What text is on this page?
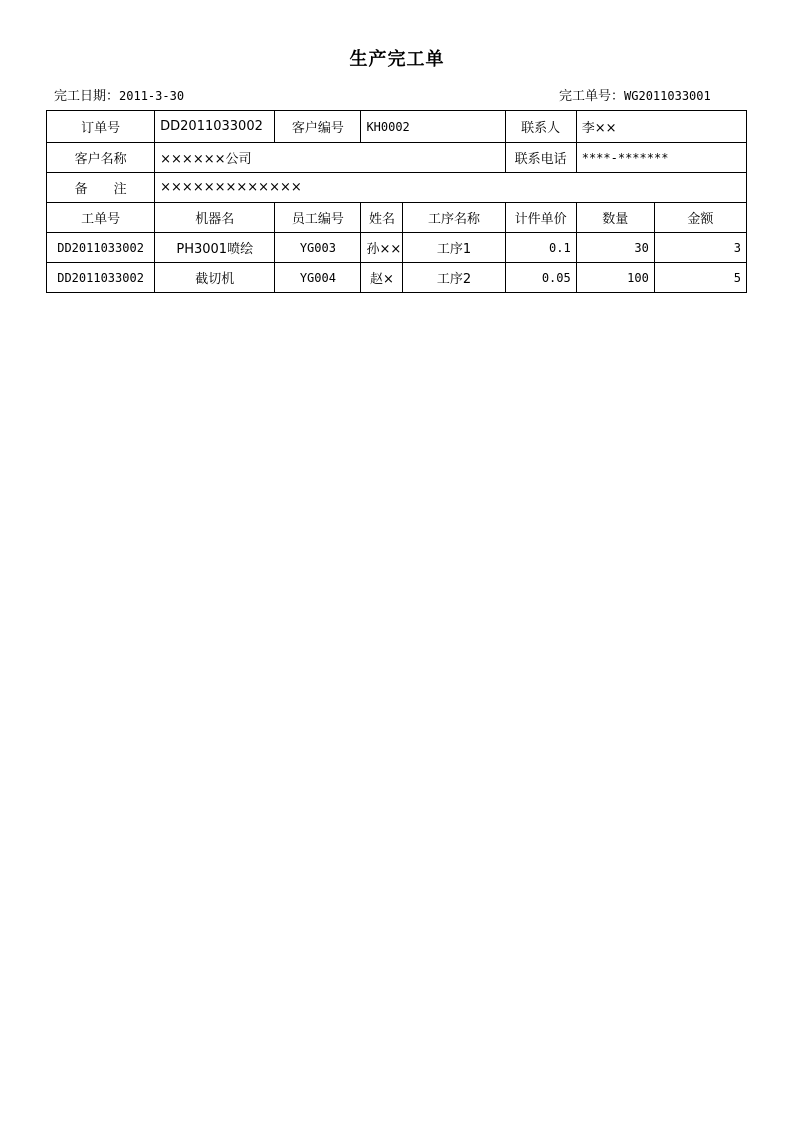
生产完工单
完工日期：2011-3-30	完工单号：WG2011033001
订单号	DD2011033002	客户编号	KH0002		联系人	李××	
客户名称	××××××公司				联系电话	****-*******	
备　　注	×××××××××××××						
工单号	机器名	员工编号	姓名	工序名称	计件单价	数量	金额
DD2011033002	PH3001喷绘	YG003	孙××	工序1	0.1	30	3
DD2011033002	截切机	YG004	赵×	工序2	0.05	100	5
